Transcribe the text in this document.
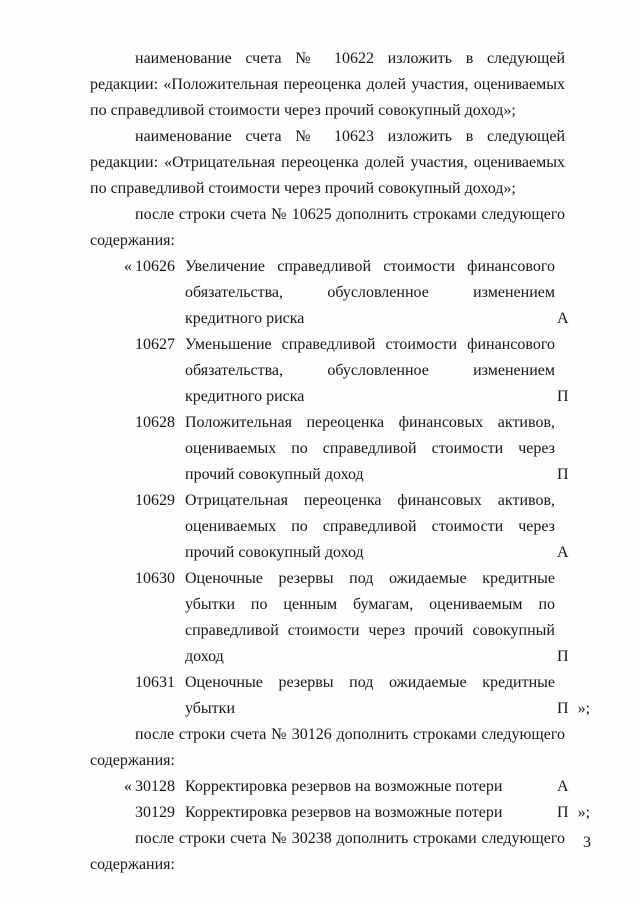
наименование счета № 10622 изложить в следующей редакции: «Положительная переоценка долей участия, оцениваемых по справедливой стоимости через прочий совокупный доход»;

наименование счета № 10623 изложить в следующей редакции: «Отрицательная переоценка долей участия, оцениваемых по справедливой стоимости через прочий совокупный доход»;

после строки счета № 10625 дополнить строками следующего содержания:

« 10626 Увеличение справедливой стоимости финансового обязательства, обусловленное изменением кредитного риска	А
10627 Уменьшение справедливой стоимости финансового обязательства, обусловленное изменением кредитного риска	П
10628 Положительная переоценка финансовых активов, оцениваемых по справедливой стоимости через прочий совокупный доход	П
10629 Отрицательная переоценка финансовых активов, оцениваемых по справедливой стоимости через прочий совокупный доход	А
10630 Оценочные резервы под ожидаемые кредитные убытки по ценным бумагам, оцениваемым по справедливой стоимости через прочий совокупный доход	П
10631 Оценочные резервы под ожидаемые кредитные убытки	П »;

после строки счета № 30126 дополнить строками следующего содержания:

« 30128 Корректировка резервов на возможные потери	А
30129 Корректировка резервов на возможные потери	П »;

после строки счета № 30238 дополнить строками следующего содержания:

3
